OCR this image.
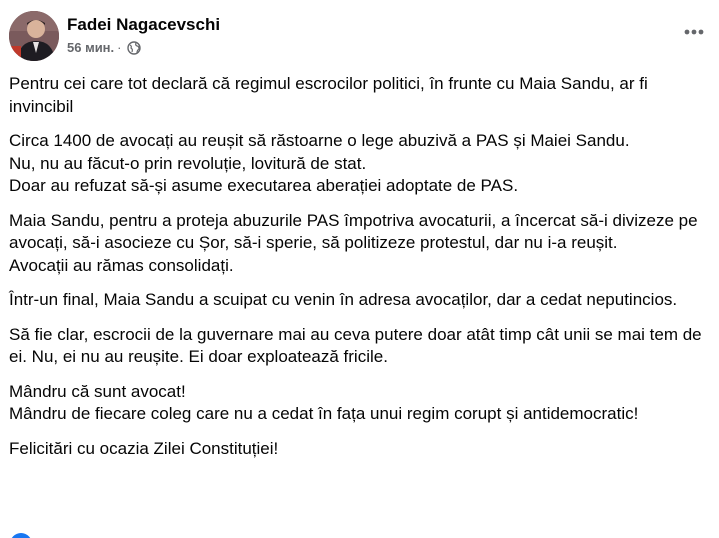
Fadei Nagacevschi
56 мин. ·
Pentru cei care tot declară că regimul escrocilor politici, în frunte cu Maia Sandu, ar fi invincibil
Circa 1400 de avocați au reușit să răstoarne o lege abuzivă a PAS și Maiei Sandu.
Nu, nu au făcut-o prin revoluție, lovitură de stat.
Doar au refuzat să-și asume executarea aberației adoptate de PAS.
Maia Sandu, pentru a proteja abuzurile PAS împotriva avocaturii, a încercat să-i divizeze pe avocați, să-i asocieze cu Șor, să-i sperie, să politizeze protestul, dar nu i-a reușit.
Avocații au rămas consolidați.
Într-un final, Maia Sandu a scuipat cu venin în adresa avocaților, dar a cedat neputincios.
Să fie clar, escrocii de la guvernare mai au ceva putere doar atât timp cât unii se mai tem de ei. Nu, ei nu au reușite. Ei doar exploatează fricile.
Mândru că sunt avocat!
Mândru de fiecare coleg care nu a cedat în fața unui regim corupt și antidemocratic!
Felicitări cu ocazia Zilei Constituției!
